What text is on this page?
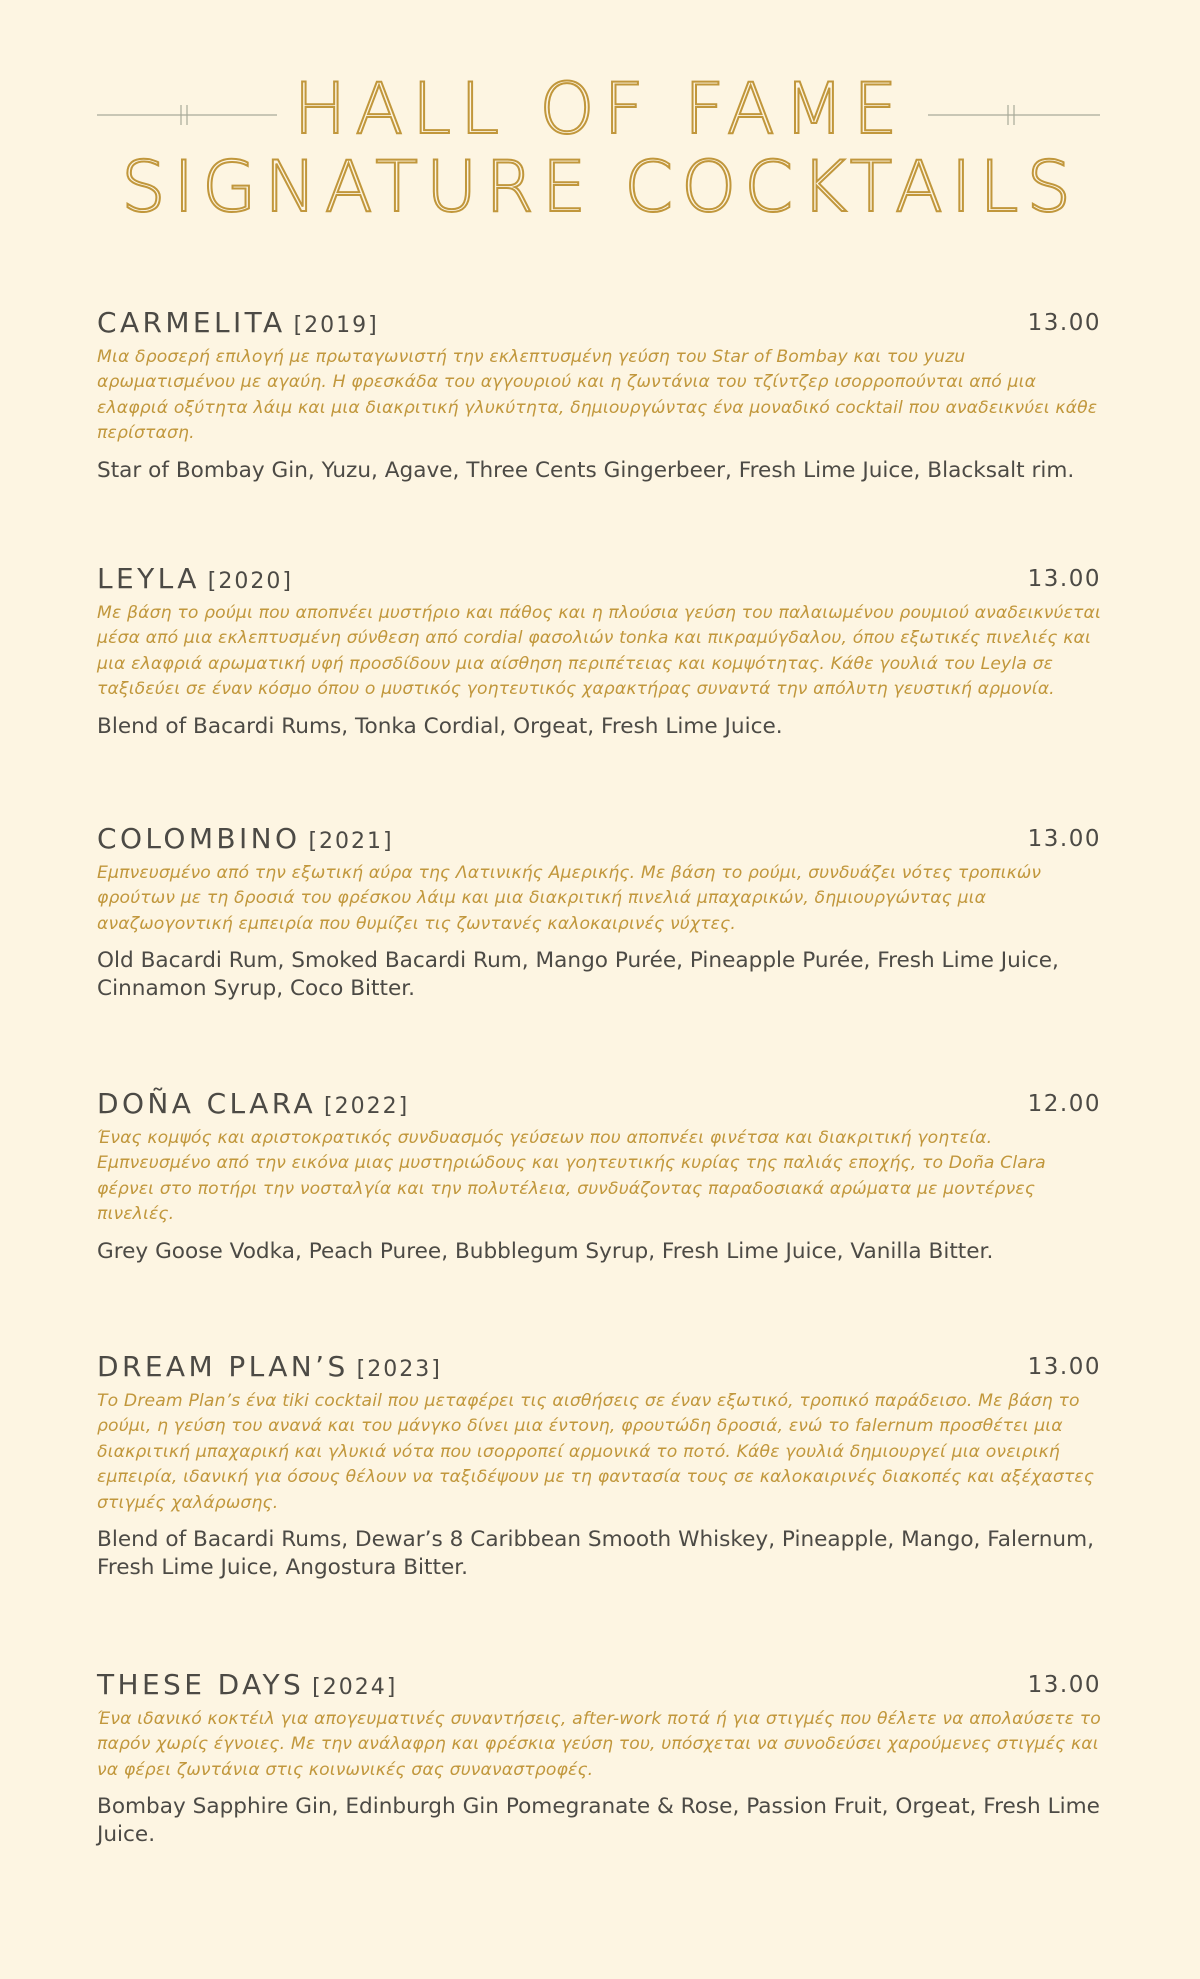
HALL OF FAME
SIGNATURE COCKTAILS
CARMELITA [2019]	13.00
Μια δροσερή επιλογή με πρωταγωνιστή την εκλεπτυσμένη γεύση του Star of Bombay και του yuzu αρωματισμένου με αγαύη. Η φρεσκάδα του αγγουριού και η ζωντάνια του τζίντζερ ισορροπούνται από μια ελαφριά οξύτητα λάιμ και μια διακριτική γλυκύτητα, δημιουργώντας ένα μοναδικό cocktail που αναδεικνύει κάθε περίσταση.
Star of Bombay Gin, Yuzu, Agave, Three Cents Gingerbeer, Fresh Lime Juice, Blacksalt rim.
LEYLA [2020]	13.00
Με βάση το ρούμι που αποπνέει μυστήριο και πάθος και η πλούσια γεύση του παλαιωμένου ρουμιού αναδεικνύεται μέσα από μια εκλεπτυσμένη σύνθεση από cordial φασολιών tonka και πικραμύγδαλου, όπου εξωτικές πινελιές και μια ελαφριά αρωματική υφή προσδίδουν μια αίσθηση περιπέτειας και κομψότητας. Κάθε γουλιά του Leyla σε ταξιδεύει σε έναν κόσμο όπου ο μυστικός γοητευτικός χαρακτήρας συναντά την απόλυτη γευστική αρμονία.
Blend of Bacardi Rums, Tonka Cordial, Orgeat, Fresh Lime Juice.
COLOMBINO [2021]	13.00
Εμπνευσμένο από την εξωτική αύρα της Λατινικής Αμερικής. Με βάση το ρούμι, συνδυάζει νότες τροπικών φρούτων με τη δροσιά του φρέσκου λάιμ και μια διακριτική πινελιά μπαχαρικών, δημιουργώντας μια αναζωογοντική εμπειρία που θυμίζει τις ζωντανές καλοκαιρινές νύχτες.
Old Bacardi Rum, Smoked Bacardi Rum, Mango Purée, Pineapple Purée, Fresh Lime Juice, Cinnamon Syrup, Coco Bitter.
DOÑA CLARA [2022]	12.00
Ένας κομψός και αριστοκρατικός συνδυασμός γεύσεων που αποπνέει φινέτσα και διακριτική γοητεία. Εμπνευσμένο από την εικόνα μιας μυστηριώδους και γοητευτικής κυρίας της παλιάς εποχής, το Doña Clara φέρνει στο ποτήρι την νοσταλγία και την πολυτέλεια, συνδυάζοντας παραδοσιακά αρώματα με μοντέρνες πινελιές.
Grey Goose Vodka, Peach Puree, Bubblegum Syrup, Fresh Lime Juice, Vanilla Bitter.
DREAM PLAN’S [2023]	13.00
Το Dream Plan’s ένα tiki cocktail που μεταφέρει τις αισθήσεις σε έναν εξωτικό, τροπικό παράδεισο. Με βάση το ρούμι, η γεύση του ανανά και του μάνγκο δίνει μια έντονη, φρουτώδη δροσιά, ενώ το falernum προσθέτει μια διακριτική μπαχαρική και γλυκιά νότα που ισορροπεί αρμονικά το ποτό. Κάθε γουλιά δημιουργεί μια ονειρική εμπειρία, ιδανική για όσους θέλουν να ταξιδέψουν με τη φαντασία τους σε καλοκαιρινές διακοπές και αξέχαστες στιγμές χαλάρωσης.
Blend of Bacardi Rums, Dewar’s 8 Caribbean Smooth Whiskey, Pineapple, Mango, Falernum, Fresh Lime Juice, Angostura Bitter.
THESE DAYS [2024]	13.00
Ένα ιδανικό κοκτέιλ για απογευματινές συναντήσεις, after-work ποτά ή για στιγμές που θέλετε να απολαύσετε το παρόν χωρίς έγνοιες. Με την ανάλαφρη και φρέσκια γεύση του, υπόσχεται να συνοδεύσει χαρούμενες στιγμές και να φέρει ζωντάνια στις κοινωνικές σας συναναστροφές.
Bombay Sapphire Gin, Edinburgh Gin Pomegranate & Rose, Passion Fruit, Orgeat, Fresh Lime Juice.
